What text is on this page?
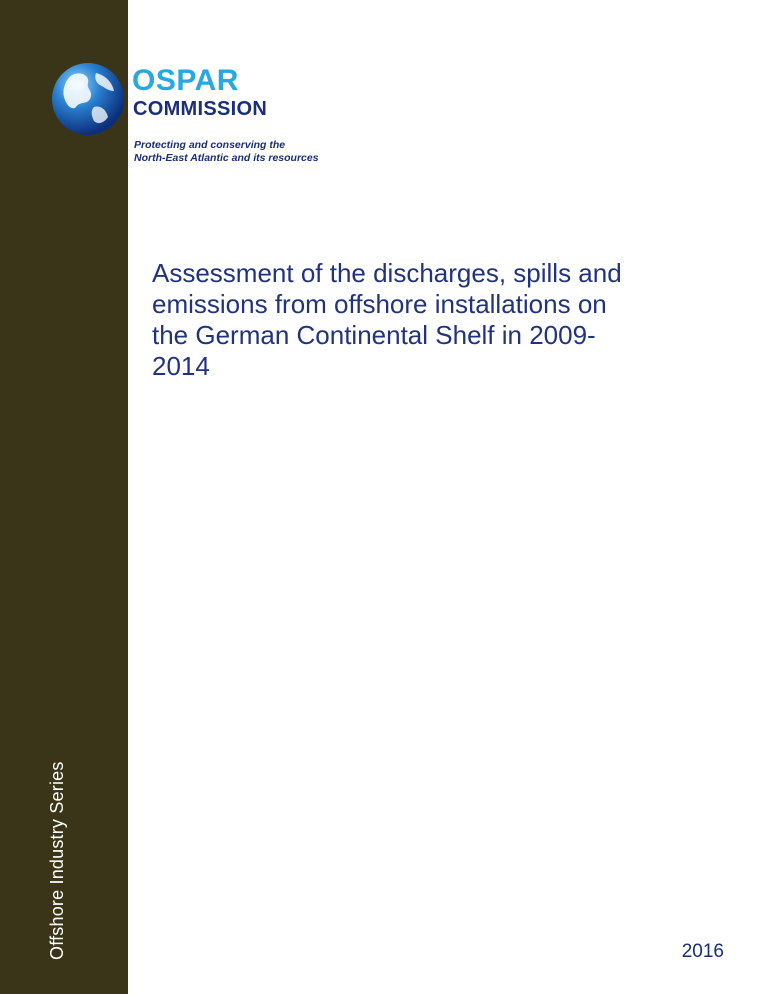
Offshore Industry Series
OSPAR
COMMISSION
Protecting and conserving the
North-East Atlantic and its resources
Assessment of the discharges, spills and
emissions from offshore installations on
the German Continental Shelf in 2009-
2014
2016
